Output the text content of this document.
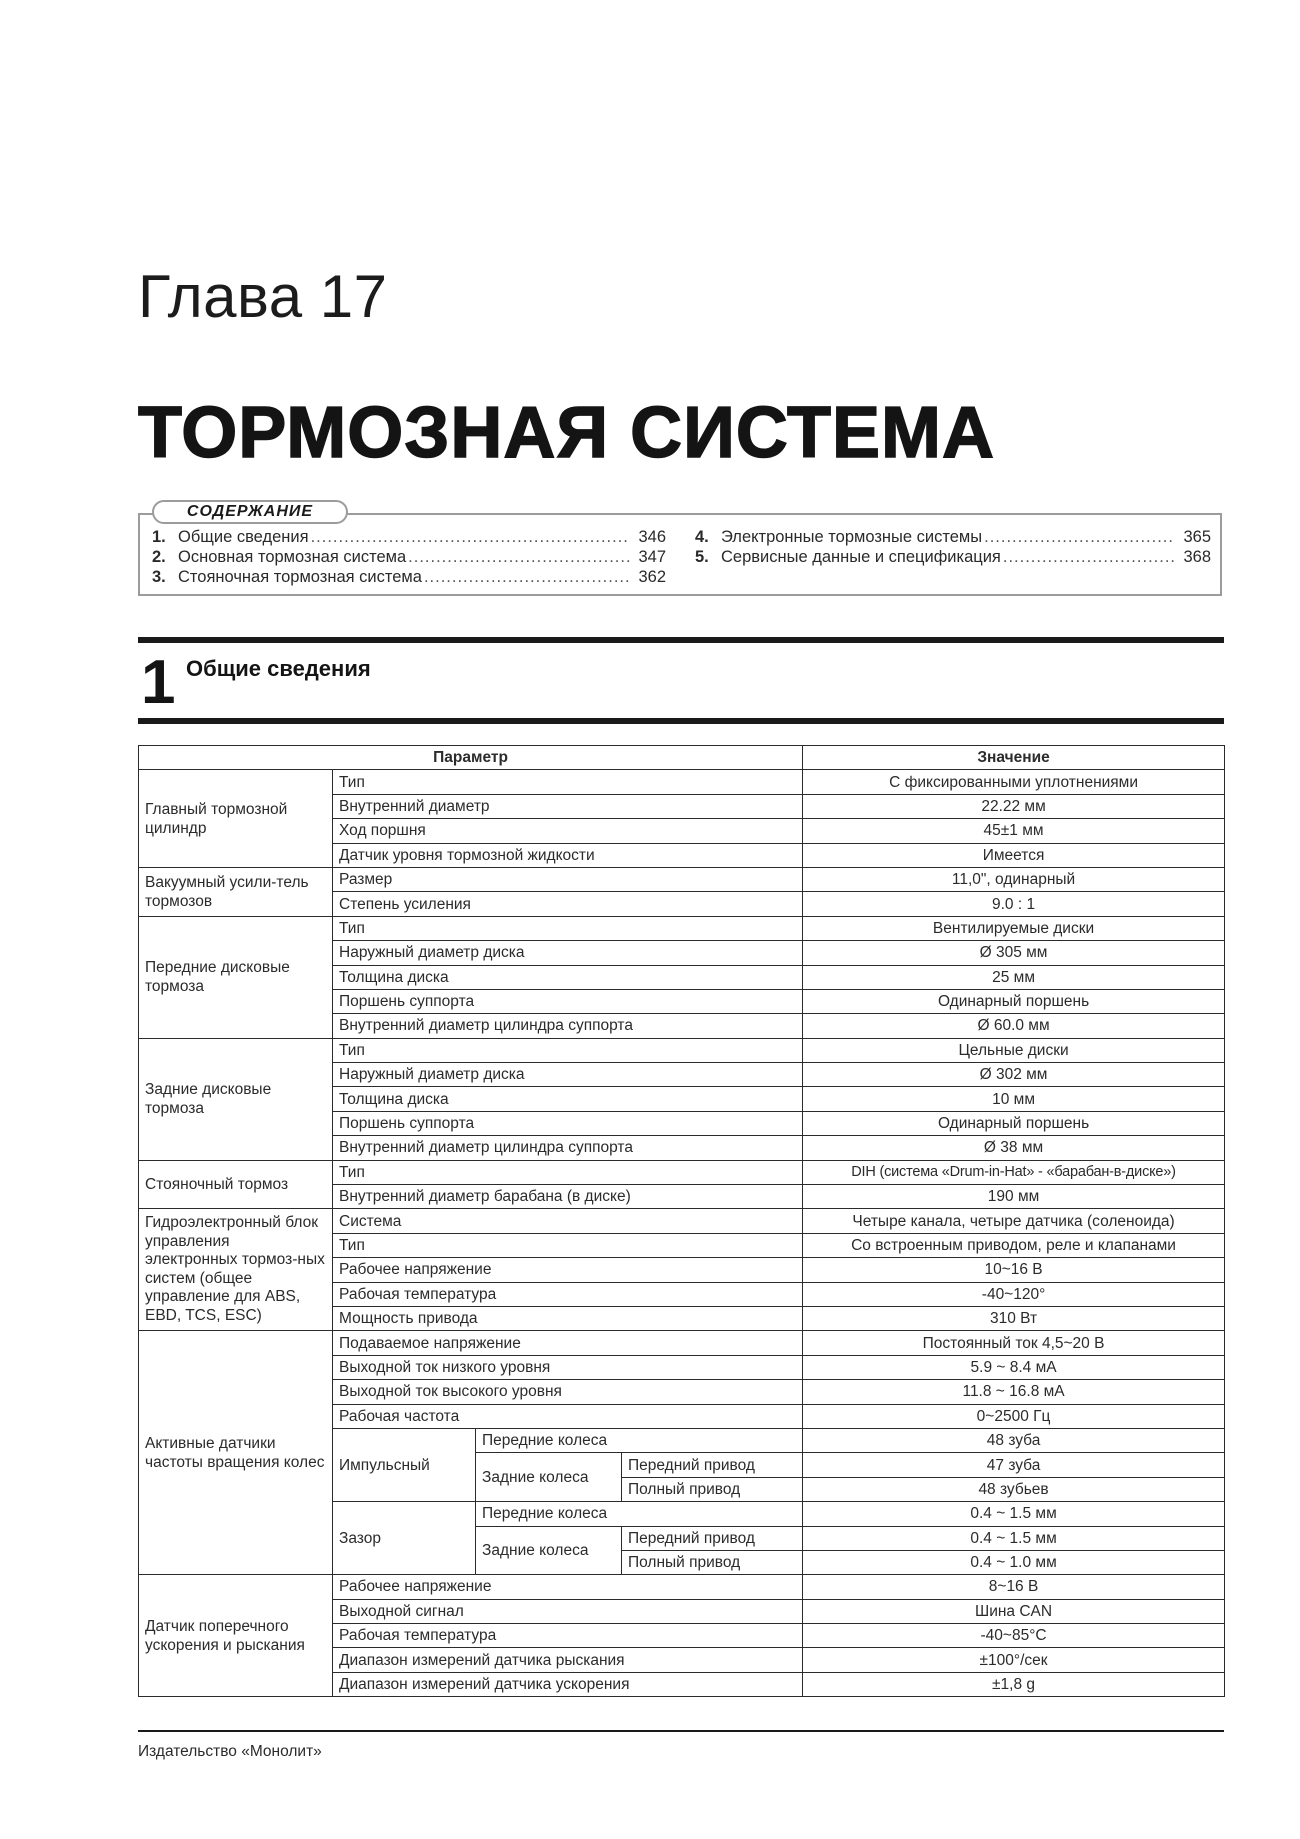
Глава 17
ТОРМОЗНАЯ СИСТЕМА
СОДЕРЖАНИЕ
1. Общие сведения .....	346
2. Основная тормозная система .....	347
3. Стояночная тормозная система .....	362
4. Электронные тормозные системы .....	365
5. Сервисные данные и спецификация .....	368
1 Общие сведения
Параметр				Значение
Главный тормозной цилиндр	Тип			С фиксированными уплотнениями
	Внутренний диаметр			22.22 мм
	Ход поршня			45±1 мм
	Датчик уровня тормозной жидкости			Имеется
Вакуумный усили-тель тормозов	Размер			11,0", одинарный
	Степень усиления			9.0 : 1
Передние дисковые тормоза	Тип			Вентилируемые диски
	Наружный диаметр диска			Ø 305 мм
	Толщина диска			25 мм
	Поршень суппорта			Одинарный поршень
	Внутренний диаметр цилиндра суппорта			Ø 60.0 мм
Задние дисковые тормоза	Тип			Цельные диски
	Наружный диаметр диска			Ø 302 мм
	Толщина диска			10 мм
	Поршень суппорта			Одинарный поршень
	Внутренний диаметр цилиндра суппорта			Ø 38 мм
Стояночный тормоз	Тип			DIH (система «Drum-in-Hat» - «барабан-в-диске»)
	Внутренний диаметр барабана (в диске)			190 мм
Гидроэлектронный блок управления электронных тормоз-ных систем (общее управление для ABS, EBD, TCS, ESC)	Система			Четыре канала, четыре датчика (соленоида)
	Тип			Со встроенным приводом, реле и клапанами
	Рабочее напряжение			10~16 В
	Рабочая температура			-40~120°
	Мощность привода			310 Вт
Активные датчики частоты вращения колес	Подаваемое напряжение			Постоянный ток 4,5~20 В
	Выходной ток низкого уровня			5.9 ~ 8.4 мА
	Выходной ток высокого уровня			11.8 ~ 16.8 мА
	Рабочая частота			0~2500 Гц
	Импульсный	Передние колеса		48 зуба
		Задние колеса	Передний привод	47 зуба
			Полный привод	48 зубьев
	Зазор	Передние колеса		0.4 ~ 1.5 мм
		Задние колеса	Передний привод	0.4 ~ 1.5 мм
			Полный привод	0.4 ~ 1.0 мм
Датчик поперечного ускорения и рыскания	Рабочее напряжение			8~16 В
	Выходной сигнал			Шина CAN
	Рабочая температура			-40~85°C
	Диапазон измерений датчика рыскания			±100°/сек
	Диапазон измерений датчика ускорения			±1,8 g
Издательство «Монолит»
